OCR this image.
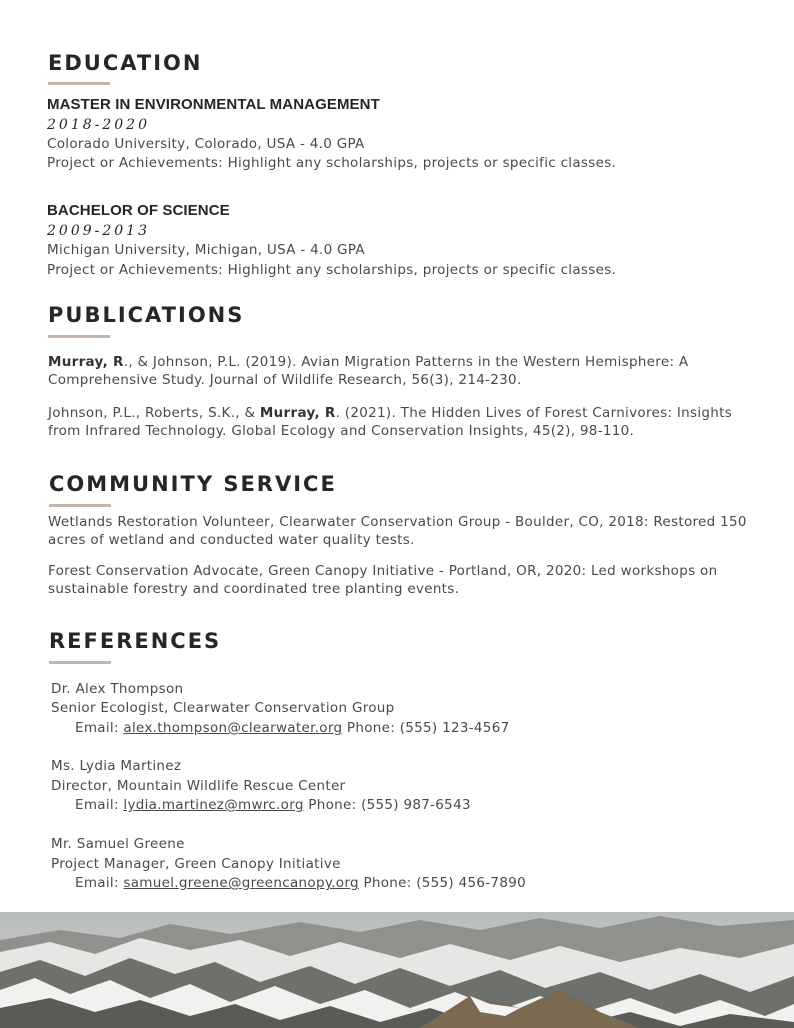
EDUCATION
MASTER IN ENVIRONMENTAL MANAGEMENT

2018-2020

Colorado University, Colorado, USA - 4.0 GPA

Project or Achievements: Highlight any scholarships, projects or specific classes.

BACHELOR OF SCIENCE

2009-2013

Michigan University, Michigan, USA - 4.0 GPA

Project or Achievements: Highlight any scholarships, projects or specific classes.

PUBLICATIONS

Murray, R., & Johnson, P.L. (2019). Avian Migration Patterns in the Western Hemisphere: A Comprehensive Study. Journal of Wildlife Research, 56(3), 214-230.

Johnson, P.L., Roberts, S.K., & Murray, R. (2021). The Hidden Lives of Forest Carnivores: Insights from Infrared Technology. Global Ecology and Conservation Insights, 45(2), 98-110.

COMMUNITY SERVICE

Wetlands Restoration Volunteer, Clearwater Conservation Group - Boulder, CO, 2018: Restored 150 acres of wetland and conducted water quality tests.

Forest Conservation Advocate, Green Canopy Initiative - Portland, OR, 2020: Led workshops on sustainable forestry and coordinated tree planting events.

REFERENCES

Dr. Alex Thompson

Senior Ecologist, Clearwater Conservation Group

Email: alex.thompson@clearwater.org Phone: (555) 123-4567

Ms. Lydia Martinez

Director, Mountain Wildlife Rescue Center

Email: lydia.martinez@mwrc.org Phone: (555) 987-6543

Mr. Samuel Greene

Project Manager, Green Canopy Initiative

Email: samuel.greene@greencanopy.org Phone: (555) 456-7890
